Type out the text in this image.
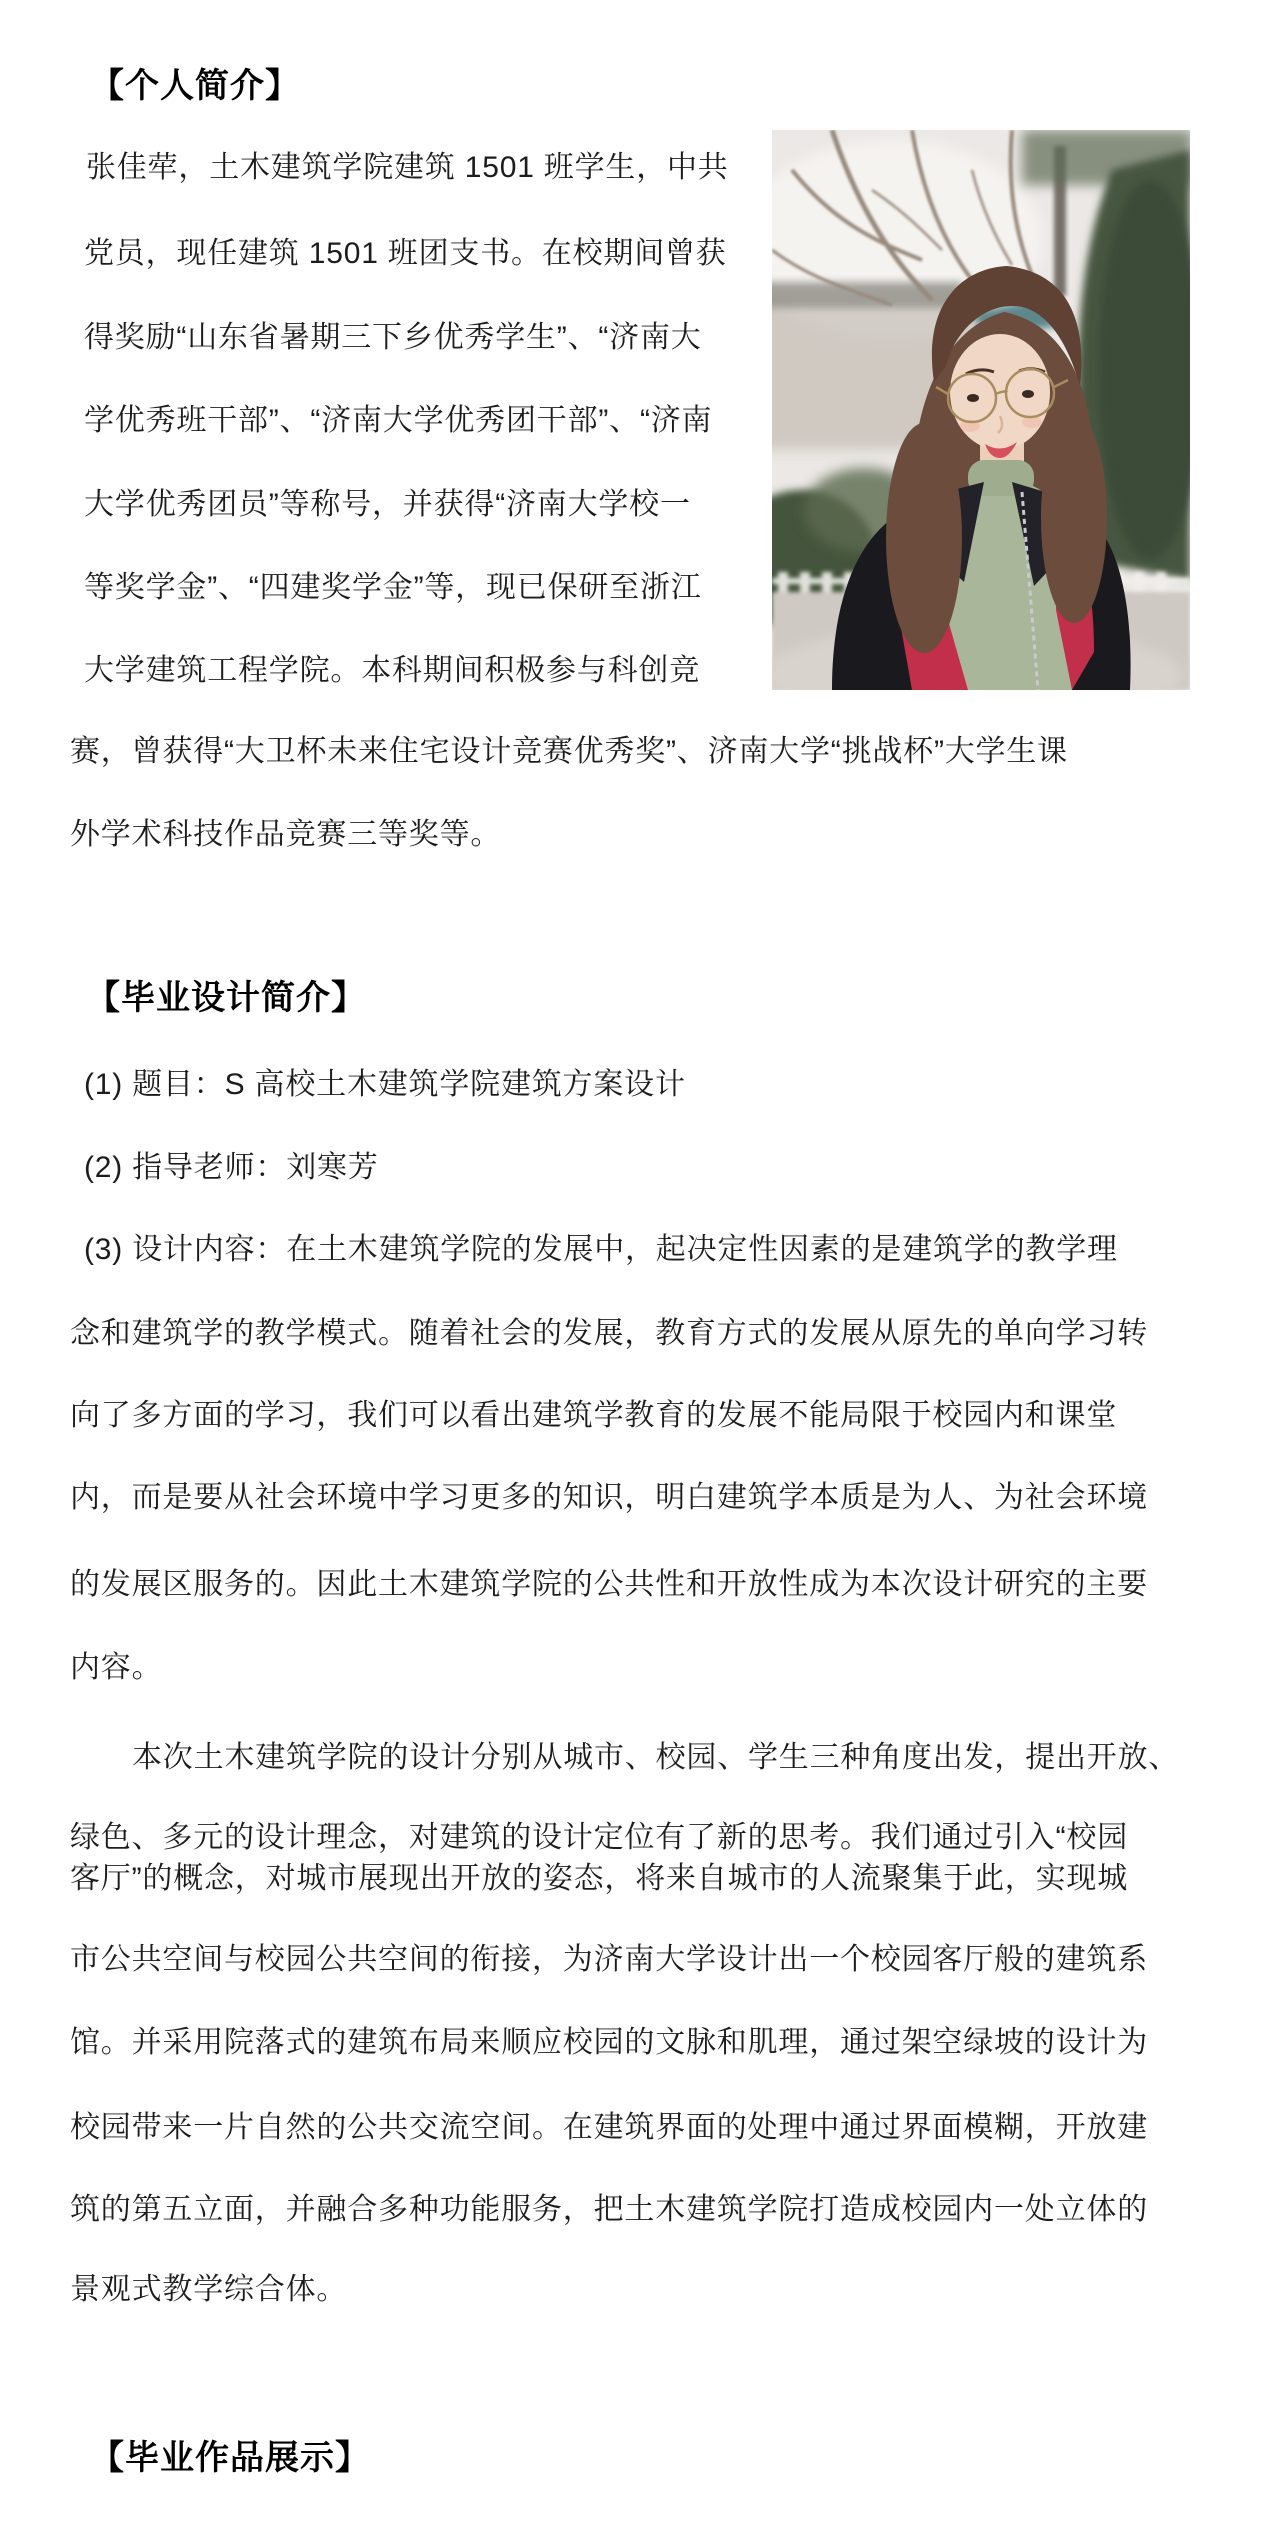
【个人简介】
张佳荦，土木建筑学院建筑 1501 班学生，中共
党员，现任建筑 1501 班团支书。在校期间曾获
得奖励“山东省暑期三下乡优秀学生”、“济南大
学优秀班干部”、“济南大学优秀团干部”、“济南
大学优秀团员”等称号，并获得“济南大学校一
等奖学金”、“四建奖学金”等，现已保研至浙江
大学建筑工程学院。本科期间积极参与科创竞
赛，曾获得“大卫杯未来住宅设计竞赛优秀奖”、济南大学“挑战杯”大学生课
外学术科技作品竞赛三等奖等。
【毕业设计简介】
(1) 题目：S 高校土木建筑学院建筑方案设计
(2) 指导老师：刘寒芳
(3) 设计内容：在土木建筑学院的发展中，起决定性因素的是建筑学的教学理
念和建筑学的教学模式。随着社会的发展，教育方式的发展从原先的单向学习转
向了多方面的学习，我们可以看出建筑学教育的发展不能局限于校园内和课堂
内，而是要从社会环境中学习更多的知识，明白建筑学本质是为人、为社会环境
的发展区服务的。因此土木建筑学院的公共性和开放性成为本次设计研究的主要
内容。
本次土木建筑学院的设计分别从城市、校园、学生三种角度出发，提出开放、
绿色、多元的设计理念，对建筑的设计定位有了新的思考。我们通过引入“校园
客厅”的概念，对城市展现出开放的姿态，将来自城市的人流聚集于此，实现城
市公共空间与校园公共空间的衔接，为济南大学设计出一个校园客厅般的建筑系
馆。并采用院落式的建筑布局来顺应校园的文脉和肌理，通过架空绿坡的设计为
校园带来一片自然的公共交流空间。在建筑界面的处理中通过界面模糊，开放建
筑的第五立面，并融合多种功能服务，把土木建筑学院打造成校园内一处立体的
景观式教学综合体。
【毕业作品展示】
